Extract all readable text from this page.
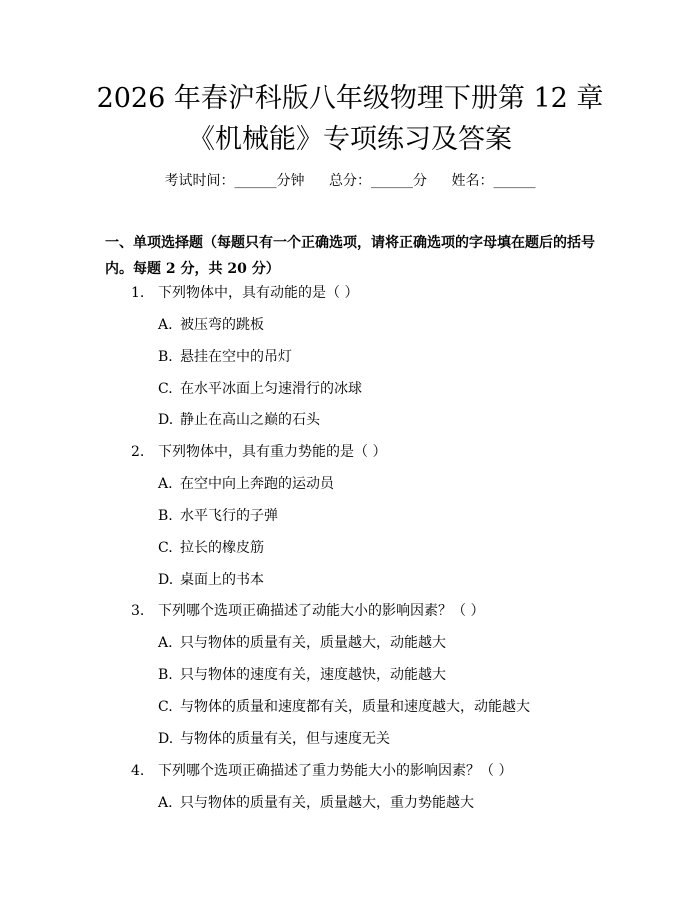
2026 年春沪科版八年级物理下册第 12 章
《机械能》专项练习及答案
考试时间：______分钟 总分：______分 姓名：______
一、单项选择题（每题只有一个正确选项，请将正确选项的字母填在题后的括号内。每题 2 分，共 20 分）
1. 下列物体中，具有动能的是（ ）
A. 被压弯的跳板
B. 悬挂在空中的吊灯
C. 在水平冰面上匀速滑行的冰球
D. 静止在高山之巅的石头
2. 下列物体中，具有重力势能的是（ ）
A. 在空中向上奔跑的运动员
B. 水平飞行的子弹
C. 拉长的橡皮筋
D. 桌面上的书本
3. 下列哪个选项正确描述了动能大小的影响因素？（ ）
A. 只与物体的质量有关，质量越大，动能越大
B. 只与物体的速度有关，速度越快，动能越大
C. 与物体的质量和速度都有关，质量和速度越大，动能越大
D. 与物体的质量有关，但与速度无关
4. 下列哪个选项正确描述了重力势能大小的影响因素？（ ）
A. 只与物体的质量有关，质量越大，重力势能越大
